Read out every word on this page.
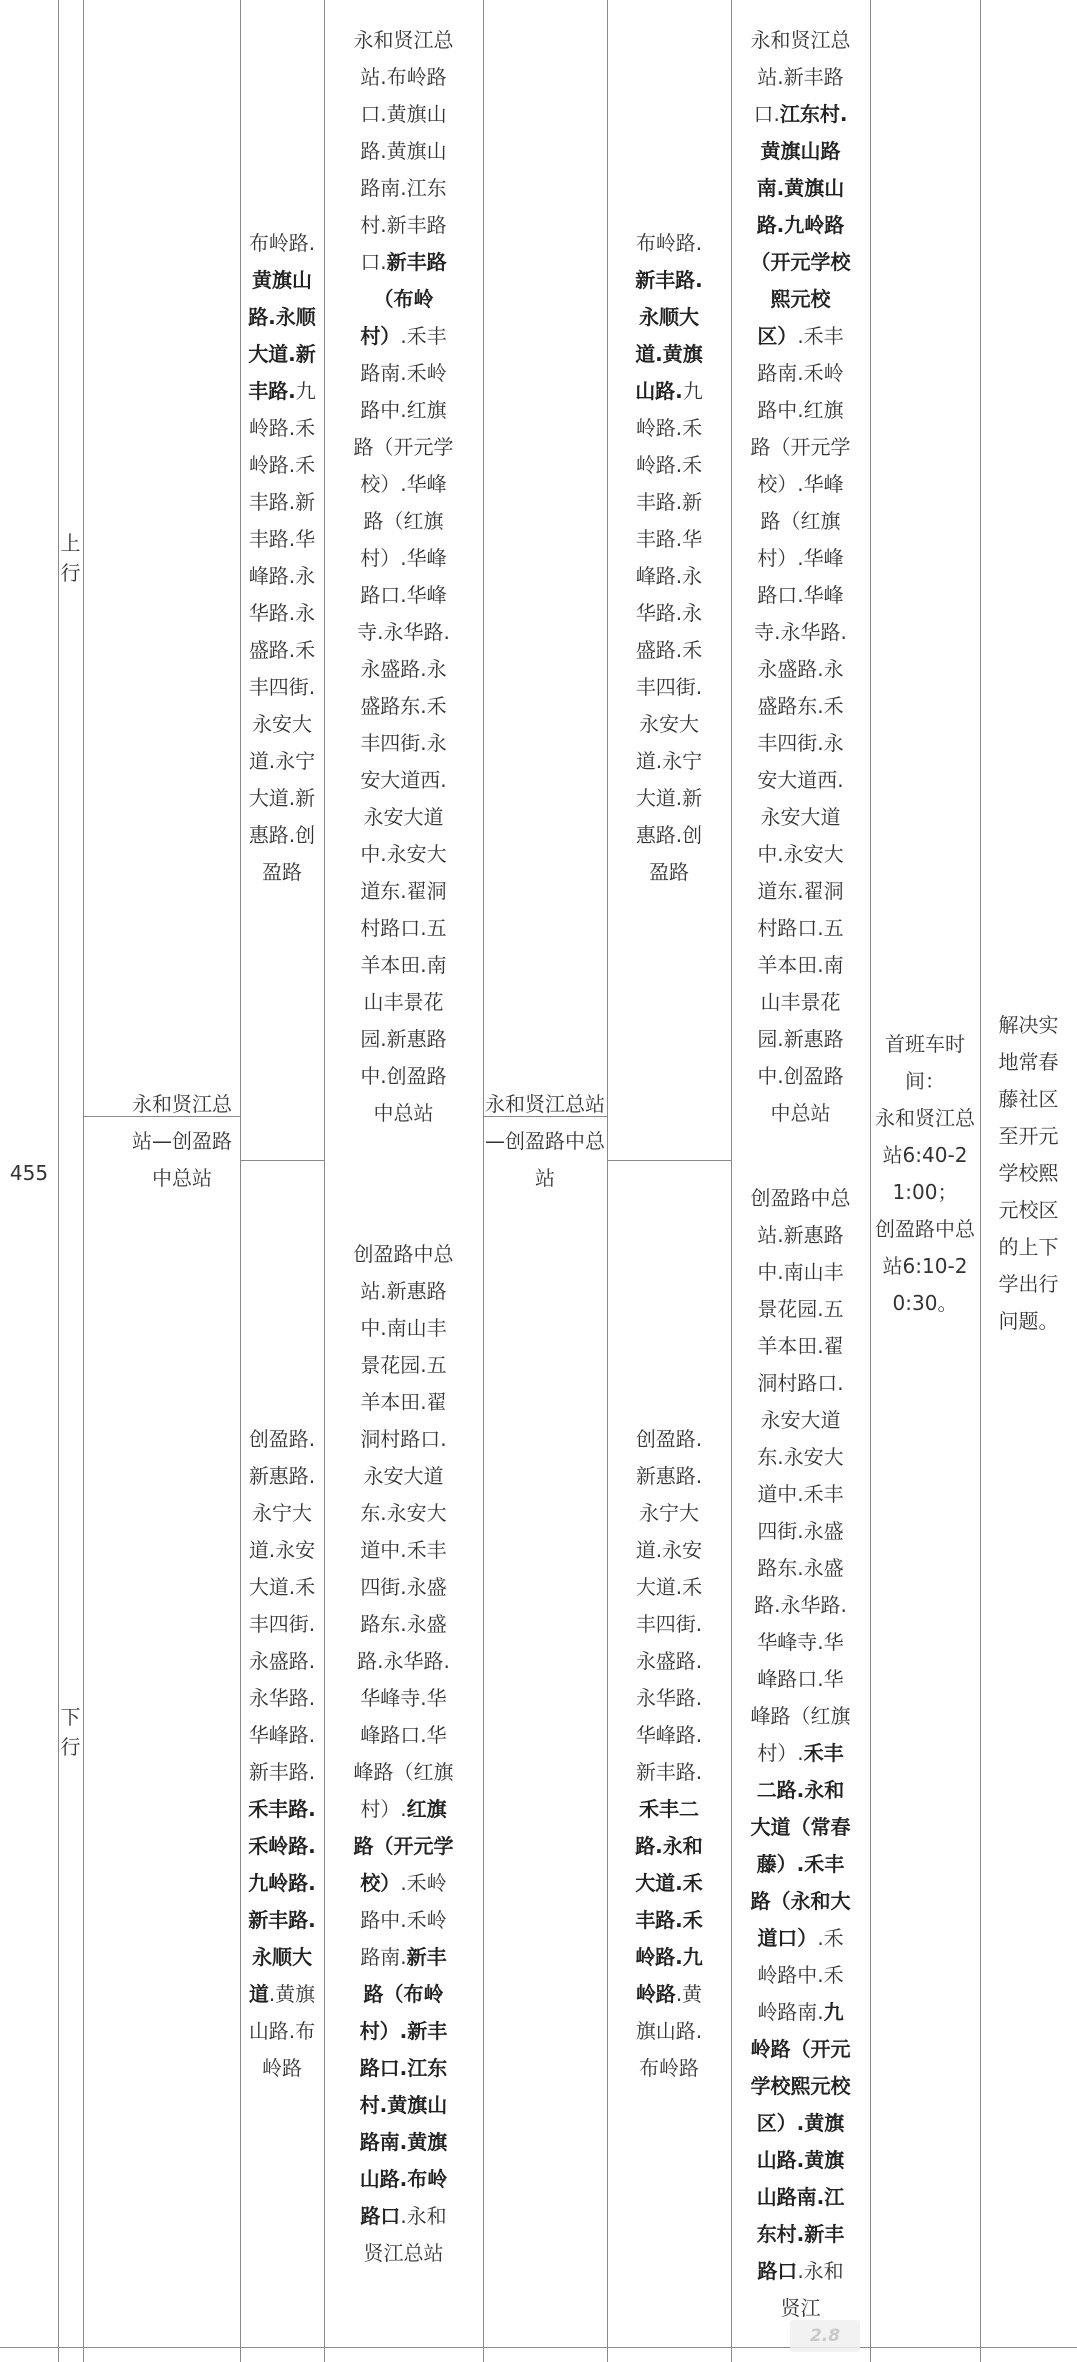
455
上行
下行
永和贤江总站—创盈路中总站
布岭路.黄旗山路.永顺大道.新丰路.九岭路.禾岭路.禾丰路.新丰路.华峰路.永华路.永盛路.禾丰四街.永安大道.永宁大道.新惠路.创盈路
永和贤江总站.布岭路口.黄旗山路.黄旗山路南.江东村.新丰路口.新丰路（布岭村）.禾丰路南.禾岭路中.红旗路（开元学校）.华峰路（红旗村）.华峰路口.华峰寺.永华路.永盛路.永盛路东.禾丰四街.永安大道西.永安大道中.永安大道东.翟洞村路口.五羊本田.南山丰景花园.新惠路中.创盈路中总站
创盈路.新惠路.永宁大道.永安大道.禾丰四街.永盛路.永华路.华峰路.新丰路.禾丰路.禾岭路.九岭路.新丰路.永顺大道.黄旗山路.布岭路
创盈路中总站.新惠路中.南山丰景花园.五羊本田.翟洞村路口.永安大道东.永安大道中.禾丰四街.永盛路东.永盛路.永华路.华峰寺.华峰路口.华峰路（红旗村）.红旗路（开元学校）.禾岭路中.禾岭路南.新丰路（布岭村）.新丰路口.江东村.黄旗山路南.黄旗山路.布岭路口.永和贤江总站
永和贤江总站—创盈路中总站
布岭路.新丰路.永顺大道.黄旗山路.九岭路.禾岭路.禾丰路.新丰路.华峰路.永华路.永盛路.禾丰四街.永安大道.永宁大道.新惠路.创盈路
永和贤江总站.新丰路口.江东村.黄旗山路南.黄旗山路.九岭路（开元学校熙元校区）.禾丰路南.禾岭路中.红旗路（开元学校）.华峰路（红旗村）.华峰路口.华峰寺.永华路.永盛路.永盛路东.禾丰四街.永安大道西.永安大道中.永安大道东.翟洞村路口.五羊本田.南山丰景花园.新惠路中.创盈路中总站
创盈路.新惠路.永宁大道.永安大道.禾丰四街.永盛路.永华路.华峰路.新丰路.禾丰二路.永和大道.禾丰路.禾岭路.九岭路.黄旗山路.布岭路
创盈路中总站.新惠路中.南山丰景花园.五羊本田.翟洞村路口.永安大道东.永安大道中.禾丰四街.永盛路东.永盛路.永华路.华峰寺.华峰路口.华峰路（红旗村）.禾丰二路.永和大道（常春藤）.禾丰路（永和大道口）.禾岭路中.禾岭路南.九岭路（开元学校熙元校区）.黄旗山路.黄旗山路南.江东村.新丰路口.永和贤江
首班车时间：
永和贤江总站6:40-21:00；
创盈路中总站6:10-20:30。
解决实地常春藤社区至开元学校熙元校区的上下学出行问题。
2.8
